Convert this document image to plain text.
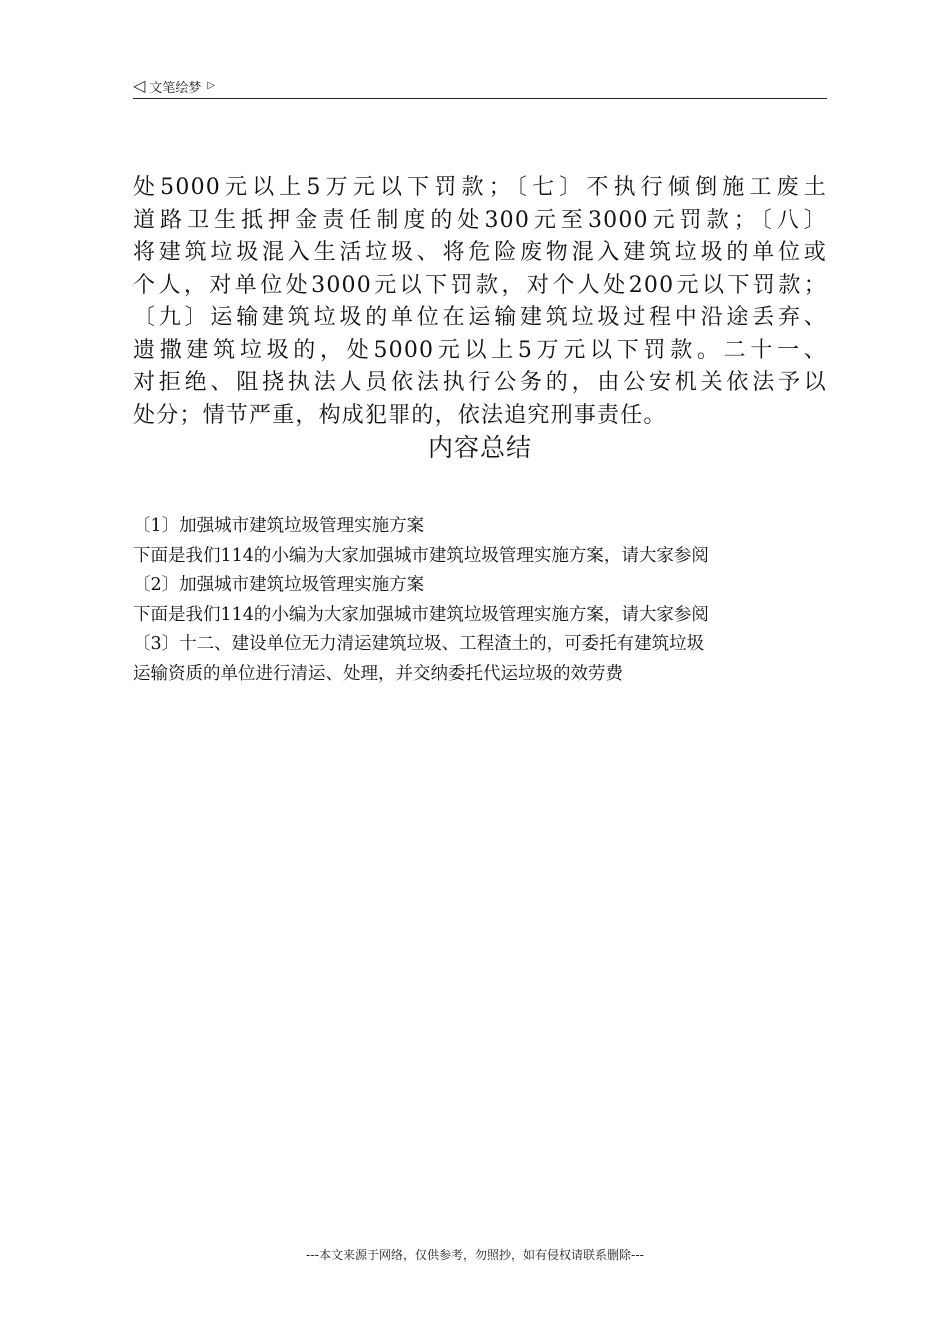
◁ 文笔绘梦 ▷
处5000元以上5万元以下罚款；〔七〕不执行倾倒施工废土
道路卫生抵押金责任制度的处300元至3000元罚款；〔八〕
将建筑垃圾混入生活垃圾、将危险废物混入建筑垃圾的单位或
个人，对单位处3000元以下罚款，对个人处200元以下罚款；
〔九〕运输建筑垃圾的单位在运输建筑垃圾过程中沿途丢弃、
遗撒建筑垃圾的，处5000元以上5万元以下罚款。二十一、
对拒绝、阻挠执法人员依法执行公务的，由公安机关依法予以
处分；情节严重，构成犯罪的，依法追究刑事责任。
内容总结
〔1〕加强城市建筑垃圾管理实施方案
下面是我们114的小编为大家加强城市建筑垃圾管理实施方案，请大家参阅
〔2〕加强城市建筑垃圾管理实施方案
下面是我们114的小编为大家加强城市建筑垃圾管理实施方案，请大家参阅
〔3〕十二、建设单位无力清运建筑垃圾、工程渣土的，可委托有建筑垃圾
运输资质的单位进行清运、处理，并交纳委托代运垃圾的效劳费
---本文来源于网络，仅供参考，勿照抄，如有侵权请联系删除---
